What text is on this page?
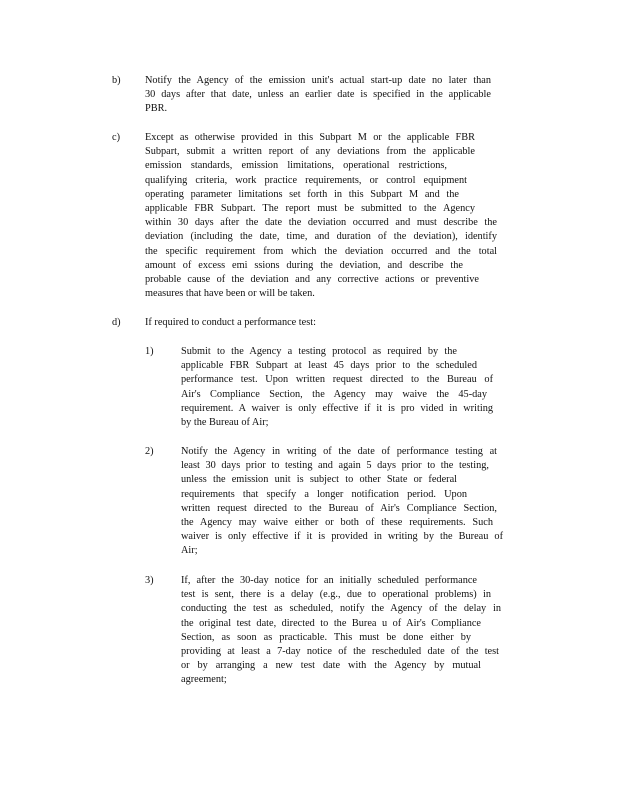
b) Notify the Agency of the emission unit's actual start-up date no later than
30 days after that date, unless an earlier date is specified in the applicable
PBR.
c) Except as otherwise provided in this Subpart M or the applicable FBR
Subpart, submit a written report of any deviations from the applicable
emission standards, emission limitations, operational restrictions,
qualifying criteria, work practice requirements, or control equipment
operating parameter limitations set forth in this Subpart M and the
applicable FBR Subpart. The report must be submitted to the Agency
within 30 days after the date the deviation occurred and must describe the
deviation (including the date, time, and duration of the deviation), identify
the specific requirement from which the deviation occurred and the total
amount of excess emi ssions during the deviation, and describe the
probable cause of the deviation and any corrective actions or preventive
measures that have been or will be taken.
d) If required to conduct a performance test:
1)	Submit to the Agency a testing protocol as required by the
applicable FBR Subpart at least 45 days prior to the scheduled
performance test. Upon written request directed to the Bureau of
Air's Compliance Section, the Agency may waive the 45-day
requirement. A waiver is only effective if it is pro vided in writing
by the Bureau of Air;
2)	Notify the Agency in writing of the date of performance testing at
least 30 days prior to testing and again 5 days prior to the testing,
unless the emission unit is subject to other State or federal
requirements that specify a longer notification period. Upon
written request directed to the Bureau of Air's Compliance Section,
the Agency may waive either or both of these requirements. Such
waiver is only effective if it is provided in writing by the Bureau of
Air;
3)	If, after the 30-day notice for an initially scheduled performance
test is sent, there is a delay (e.g., due to operational problems) in
conducting the test as scheduled, notify the Agency of the delay in
the original test date, directed to the Burea u of Air's Compliance
Section, as soon as practicable. This must be done either by
providing at least a 7-day notice of the rescheduled date of the test
or by arranging a new test date with the Agency by mutual
agreement;
